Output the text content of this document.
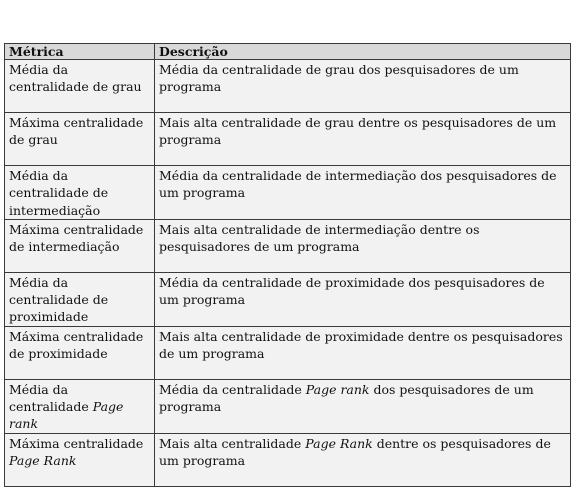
Métrica	Descrição
Média da centralidade de grau	Média da centralidade de grau dos pesquisadores de um programa
Máxima centralidade de grau	Mais alta centralidade de grau dentre os pesquisadores de um programa
Média da centralidade de intermediação	Média da centralidade de intermediação dos pesquisadores de um programa
Máxima centralidade de intermediação	Mais alta centralidade de intermediação dentre os pesquisadores de um programa
Média da centralidade de proximidade	Média da centralidade de proximidade dos pesquisadores de um programa
Máxima centralidade de proximidade	Mais alta centralidade de proximidade dentre os pesquisadores de um programa
Média da centralidade Page rank	Média da centralidade Page rank dos pesquisadores de um programa
Máxima centralidade Page Rank	Mais alta centralidade Page Rank dentre os pesquisadores de um programa
